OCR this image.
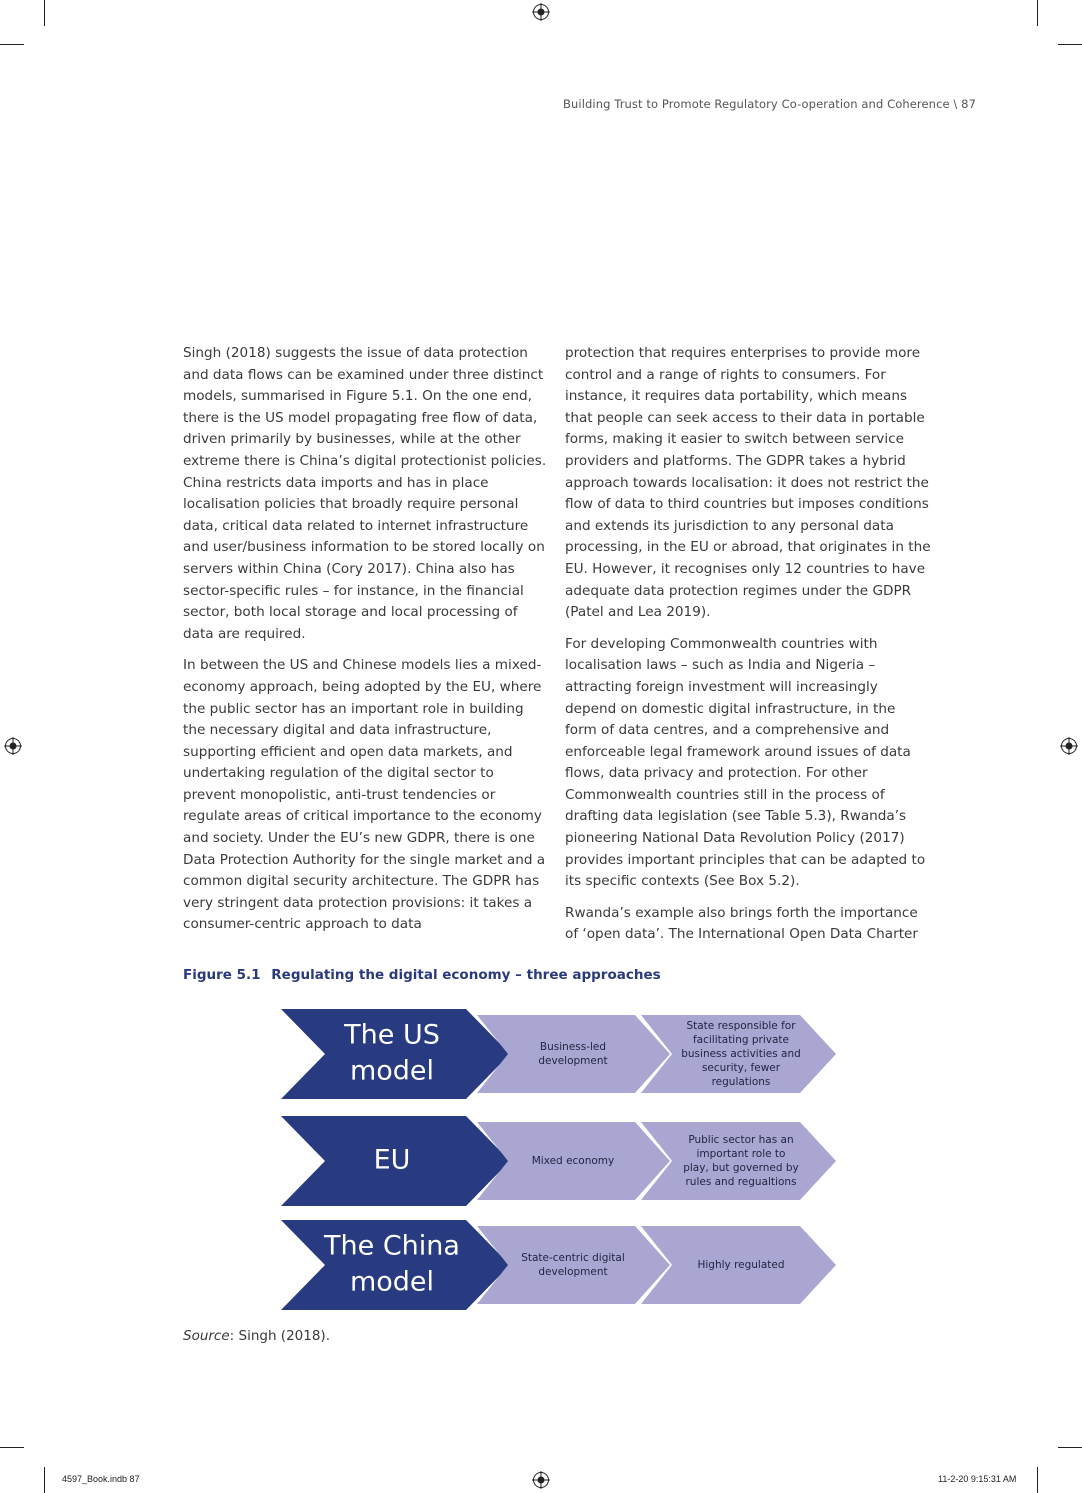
Building Trust to Promote Regulatory Co-operation and Coherence \ 87

Singh (2018) suggests the issue of data protection and data flows can be examined under three distinct models, summarised in Figure 5.1. On the one end, there is the US model propagating free flow of data, driven primarily by businesses, while at the other extreme there is China’s digital protectionist policies. China restricts data imports and has in place localisation policies that broadly require personal data, critical data related to internet infrastructure and user/business information to be stored locally on servers within China (Cory 2017). China also has sector-specific rules – for instance, in the financial sector, both local storage and local processing of data are required.

In between the US and Chinese models lies a mixed-economy approach, being adopted by the EU, where the public sector has an important role in building the necessary digital and data infrastructure, supporting efficient and open data markets, and undertaking regulation of the digital sector to prevent monopolistic, anti-trust tendencies or regulate areas of critical importance to the economy and society. Under the EU’s new GDPR, there is one Data Protection Authority for the single market and a common digital security architecture. The GDPR has very stringent data protection provisions: it takes a consumer-centric approach to data

protection that requires enterprises to provide more control and a range of rights to consumers. For instance, it requires data portability, which means that people can seek access to their data in portable forms, making it easier to switch between service providers and platforms. The GDPR takes a hybrid approach towards localisation: it does not restrict the flow of data to third countries but imposes conditions and extends its jurisdiction to any personal data processing, in the EU or abroad, that originates in the EU. However, it recognises only 12 countries to have adequate data protection regimes under the GDPR (Patel and Lea 2019).

For developing Commonwealth countries with localisation laws – such as India and Nigeria – attracting foreign investment will increasingly depend on domestic digital infrastructure, in the form of data centres, and a comprehensive and enforceable legal framework around issues of data flows, data privacy and protection. For other Commonwealth countries still in the process of drafting data legislation (see Table 5.3), Rwanda’s pioneering National Data Revolution Policy (2017) provides important principles that can be adapted to its specific contexts (See Box 5.2).

Rwanda’s example also brings forth the importance of ‘open data’. The International Open Data Charter

Figure 5.1 Regulating the digital economy – three approaches
The US
model
Business-led
development
State responsible for
facilitating private
business activities and
security, fewer
regulations
EU	Mixed economy
Public sector has an
important role to
play, but governed by
rules and regualtions
The China
model
State-centric digital
development
Highly regulated
Source: Singh (2018).
4597_Book.indb 87	11-2-20 9:15:31 AM
